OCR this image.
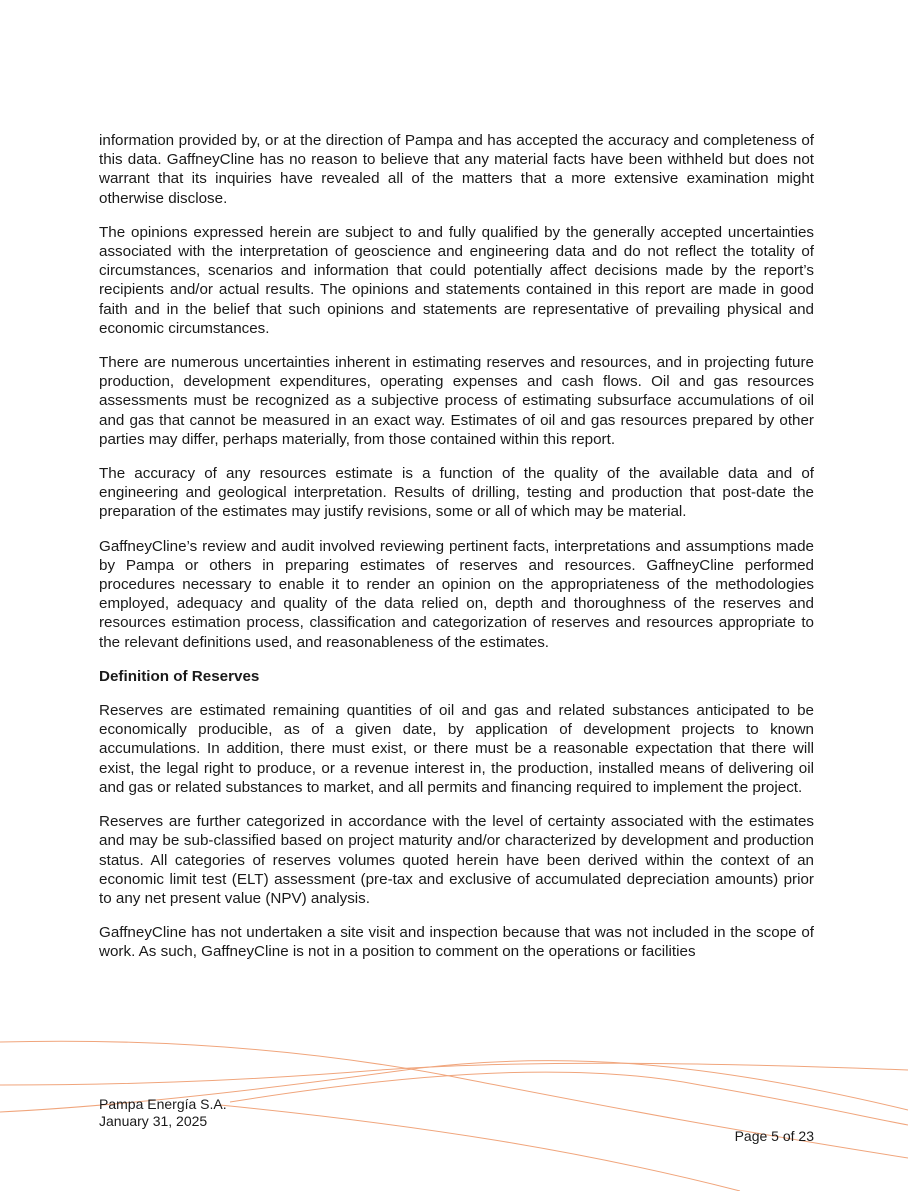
information provided by, or at the direction of Pampa and has accepted the accuracy and completeness of this data. GaffneyCline has no reason to believe that any material facts have been withheld but does not warrant that its inquiries have revealed all of the matters that a more extensive examination might otherwise disclose.

The opinions expressed herein are subject to and fully qualified by the generally accepted uncertainties associated with the interpretation of geoscience and engineering data and do not reflect the totality of circumstances, scenarios and information that could potentially affect decisions made by the report’s recipients and/or actual results. The opinions and statements contained in this report are made in good faith and in the belief that such opinions and statements are representative of prevailing physical and economic circumstances.

There are numerous uncertainties inherent in estimating reserves and resources, and in projecting future production, development expenditures, operating expenses and cash flows. Oil and gas resources assessments must be recognized as a subjective process of estimating subsurface accumulations of oil and gas that cannot be measured in an exact way. Estimates of oil and gas resources prepared by other parties may differ, perhaps materially, from those contained within this report.

The accuracy of any resources estimate is a function of the quality of the available data and of engineering and geological interpretation. Results of drilling, testing and production that post-date the preparation of the estimates may justify revisions, some or all of which may be material.

GaffneyCline’s review and audit involved reviewing pertinent facts, interpretations and assumptions made by Pampa or others in preparing estimates of reserves and resources. GaffneyCline performed procedures necessary to enable it to render an opinion on the appropriateness of the methodologies employed, adequacy and quality of the data relied on, depth and thoroughness of the reserves and resources estimation process, classification and categorization of reserves and resources appropriate to the relevant definitions used, and reasonableness of the estimates.

Definition of Reserves

Reserves are estimated remaining quantities of oil and gas and related substances anticipated to be economically producible, as of a given date, by application of development projects to known accumulations. In addition, there must exist, or there must be a reasonable expectation that there will exist, the legal right to produce, or a revenue interest in, the production, installed means of delivering oil and gas or related substances to market, and all permits and financing required to implement the project.

Reserves are further categorized in accordance with the level of certainty associated with the estimates and may be sub-classified based on project maturity and/or characterized by development and production status. All categories of reserves volumes quoted herein have been derived within the context of an economic limit test (ELT) assessment (pre-tax and exclusive of accumulated depreciation amounts) prior to any net present value (NPV) analysis.

GaffneyCline has not undertaken a site visit and inspection because that was not included in the scope of work. As such, GaffneyCline is not in a position to comment on the operations or facilities

Pampa Energía S.A.
January 31, 2025
Page 5 of 23
